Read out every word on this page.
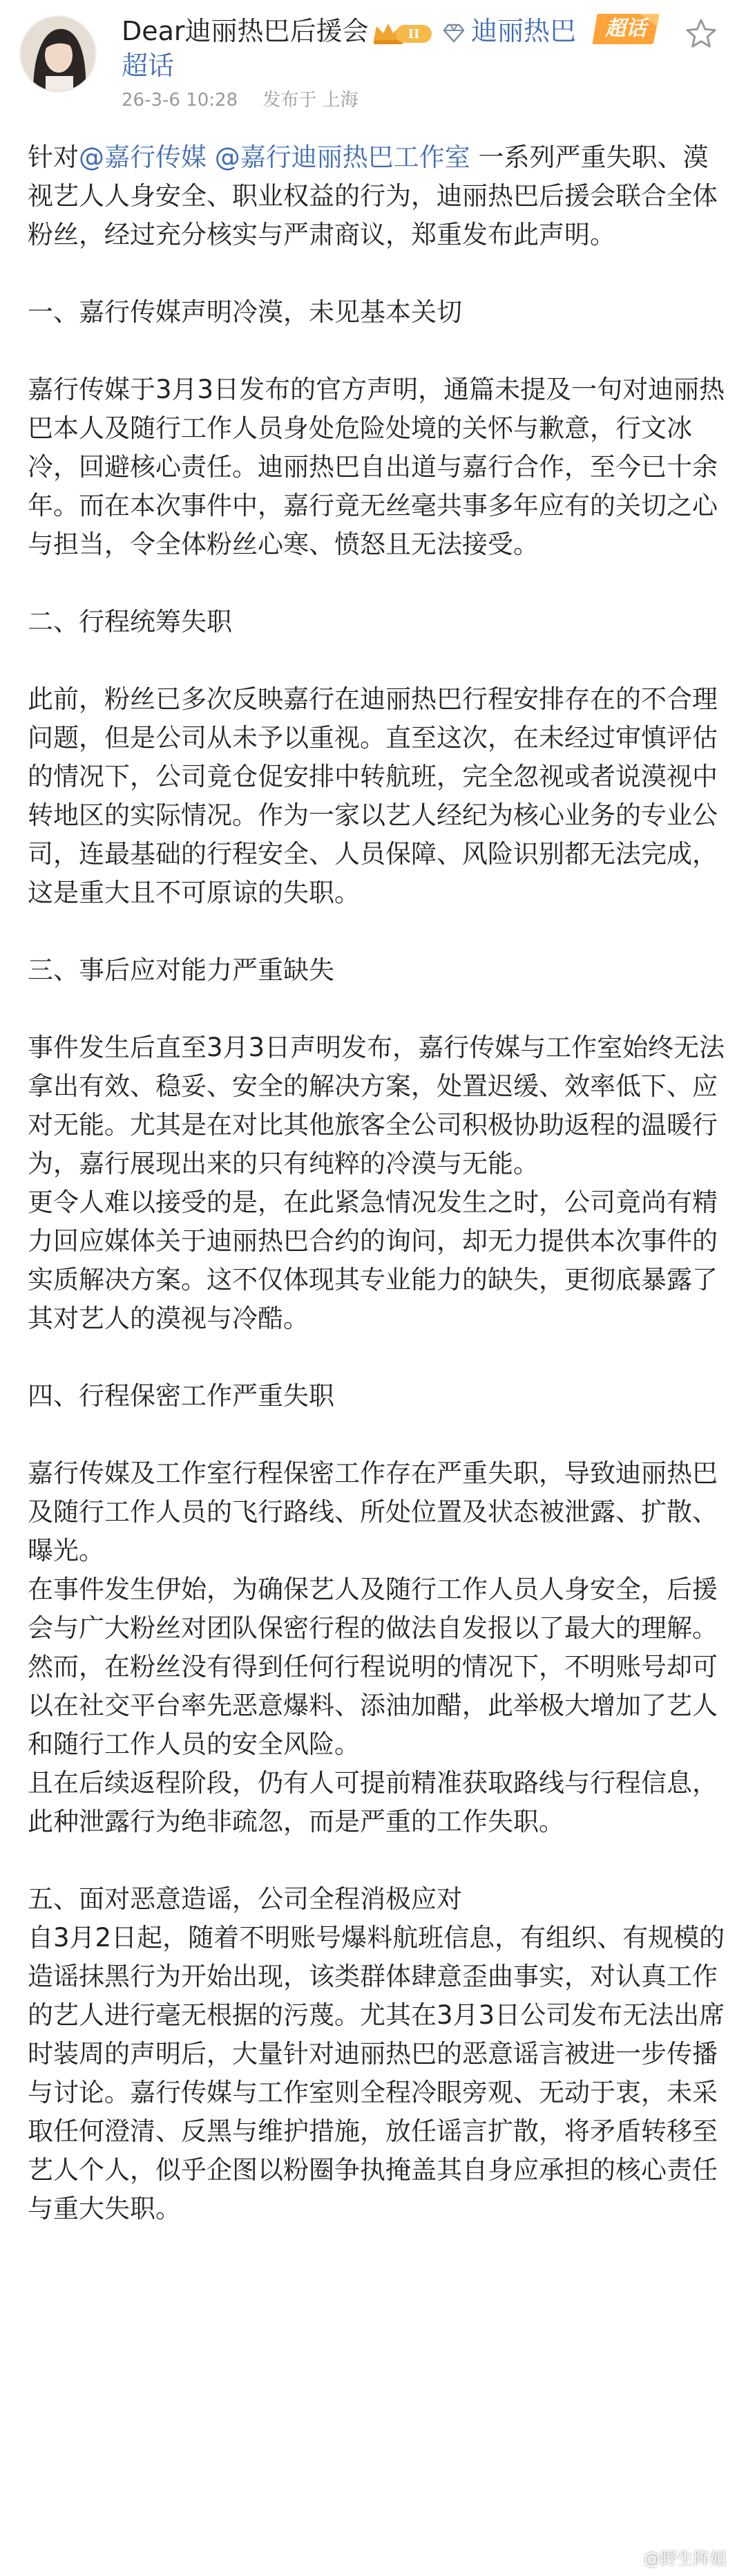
Dear迪丽热巴后援会	II 迪丽热巴	超话
超话
26-3-6 10:28 发布于 上海

针对@嘉行传媒 @嘉行迪丽热巴工作室 一系列严重失职、漠视艺人人身安全、职业权益的行为，迪丽热巴后援会联合全体粉丝，经过充分核实与严肃商议，郑重发布此声明。

一、嘉行传媒声明冷漠，未见基本关切

嘉行传媒于3月3日发布的官方声明，通篇未提及一句对迪丽热巴本人及随行工作人员身处危险处境的关怀与歉意，行文冰冷，回避核心责任。迪丽热巴自出道与嘉行合作，至今已十余年。而在本次事件中，嘉行竟无丝毫共事多年应有的关切之心与担当，令全体粉丝心寒、愤怒且无法接受。

二、行程统筹失职

此前，粉丝已多次反映嘉行在迪丽热巴行程安排存在的不合理问题，但是公司从未予以重视。直至这次，在未经过审慎评估的情况下，公司竟仓促安排中转航班，完全忽视或者说漠视中转地区的实际情况。作为一家以艺人经纪为核心业务的专业公司，连最基础的行程安全、人员保障、风险识别都无法完成，这是重大且不可原谅的失职。

三、事后应对能力严重缺失

事件发生后直至3月3日声明发布，嘉行传媒与工作室始终无法拿出有效、稳妥、安全的解决方案，处置迟缓、效率低下、应对无能。尤其是在对比其他旅客全公司积极协助返程的温暖行为，嘉行展现出来的只有纯粹的冷漠与无能。

更令人难以接受的是，在此紧急情况发生之时，公司竟尚有精力回应媒体关于迪丽热巴合约的询问，却无力提供本次事件的实质解决方案。这不仅体现其专业能力的缺失，更彻底暴露了其对艺人的漠视与冷酷。

四、行程保密工作严重失职

嘉行传媒及工作室行程保密工作存在严重失职，导致迪丽热巴及随行工作人员的飞行路线、所处位置及状态被泄露、扩散、曝光。

在事件发生伊始，为确保艺人及随行工作人员人身安全，后援会与广大粉丝对团队保密行程的做法自发报以了最大的理解。然而，在粉丝没有得到任何行程说明的情况下，不明账号却可以在社交平台率先恶意爆料、添油加醋，此举极大增加了艺人和随行工作人员的安全风险。

且在后续返程阶段，仍有人可提前精准获取路线与行程信息，此种泄露行为绝非疏忽，而是严重的工作失职。

五、面对恶意造谣，公司全程消极应对

自3月2日起，随着不明账号爆料航班信息，有组织、有规模的造谣抹黑行为开始出现，该类群体肆意歪曲事实，对认真工作的艺人进行毫无根据的污蔑。尤其在3月3日公司发布无法出席时装周的声明后，大量针对迪丽热巴的恶意谣言被进一步传播与讨论。嘉行传媒与工作室则全程冷眼旁观、无动于衷，未采取任何澄清、反黑与维护措施，放任谣言扩散，将矛盾转移至艺人个人，似乎企图以粉圈争执掩盖其自身应承担的核心责任与重大失职。

@野生阵姐
